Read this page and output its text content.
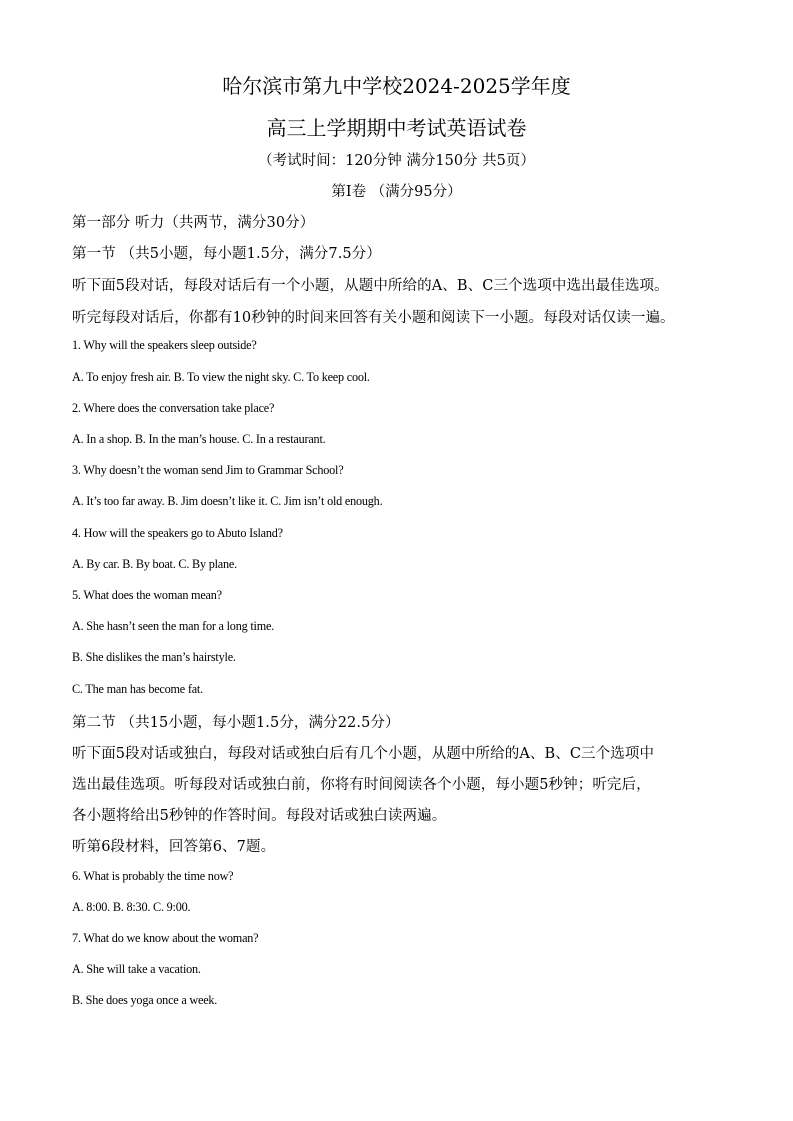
哈尔滨市第九中学校2024-2025学年度
高三上学期期中考试英语试卷
（考试时间：120分钟 满分150分 共5页）
第Ⅰ卷 （满分95分）
第一部分 听力（共两节，满分30分）
第一节 （共5小题，每小题1.5分，满分7.5分）
听下面5段对话，每段对话后有一个小题，从题中所给的A、B、C三个选项中选出最佳选项。
听完每段对话后，你都有10秒钟的时间来回答有关小题和阅读下一小题。每段对话仅读一遍。
1. Why will the speakers sleep outside?
A. To enjoy fresh air. B. To view the night sky. C. To keep cool.
2. Where does the conversation take place?
A. In a shop. B. In the man’s house. C. In a restaurant.
3. Why doesn’t the woman send Jim to Grammar School?
A. It’s too far away. B. Jim doesn’t like it. C. Jim isn’t old enough.
4. How will the speakers go to Abuto Island?
A. By car. B. By boat. C. By plane.
5. What does the woman mean?
A. She hasn’t seen the man for a long time.
B. She dislikes the man’s hairstyle.
C. The man has become fat.
第二节 （共15小题，每小题1.5分，满分22.5分）
听下面5段对话或独白，每段对话或独白后有几个小题，从题中所给的A、B、C三个选项中
选出最佳选项。听每段对话或独白前，你将有时间阅读各个小题，每小题5秒钟；听完后，
各小题将给出5秒钟的作答时间。每段对话或独白读两遍。
听第6段材料，回答第6、7题。
6. What is probably the time now?
A. 8:00. B. 8:30. C. 9:00.
7. What do we know about the woman?
A. She will take a vacation.
B. She does yoga once a week.
